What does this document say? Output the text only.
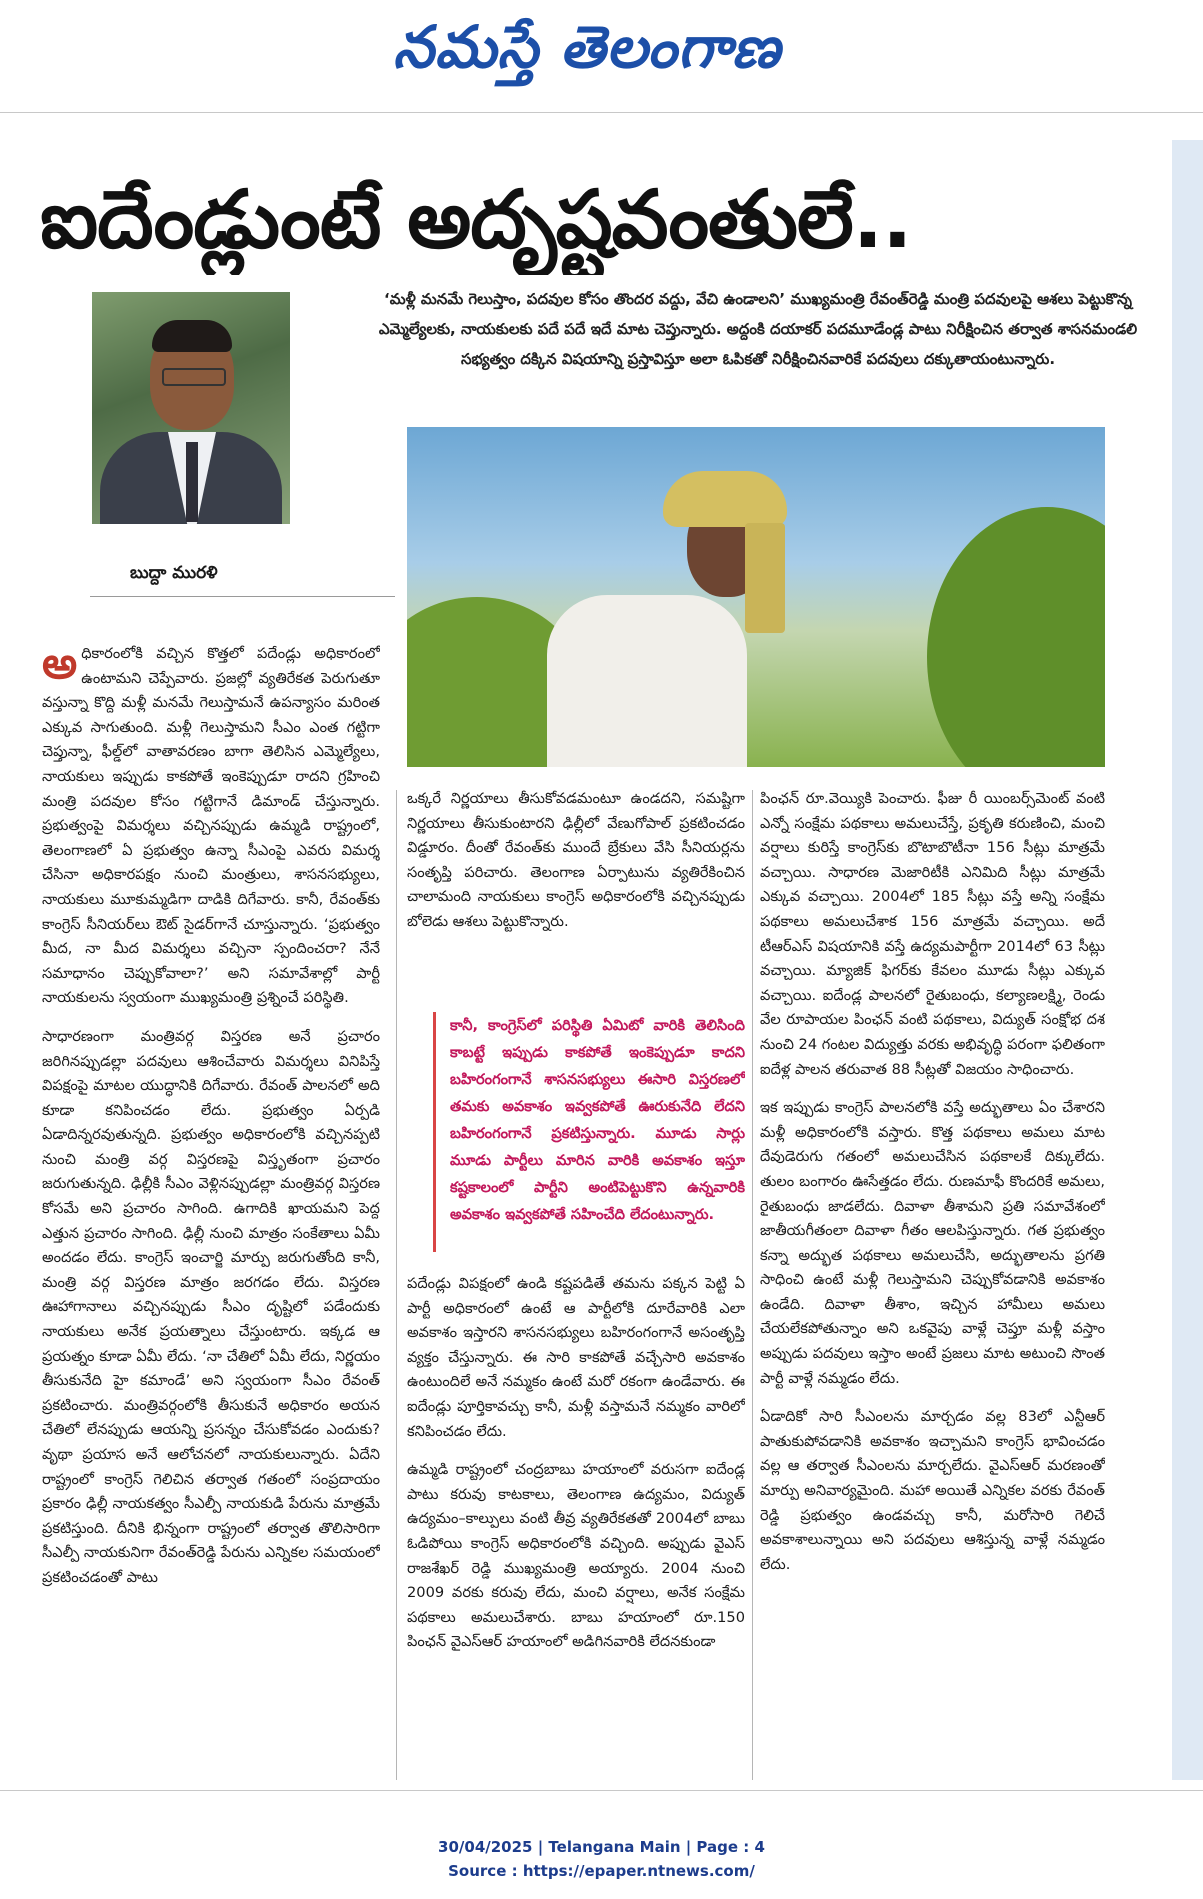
నమస్తే తెలంగాణ
ఐదేండ్లుంటే అదృష్టవంతులే..
బుద్దా మురళి
‘మళ్లీ మనమే గెలుస్తాం, పదవుల కోసం తొందర వద్దు, వేచి ఉండాలని’ ముఖ్యమంత్రి రేవంత్‌రెడ్డి మంత్రి పదవులపై ఆశలు పెట్టుకొన్న ఎమ్మెల్యేలకు, నాయకులకు పదే పదే ఇదే మాట చెప్తున్నారు. అద్దంకి దయాకర్ పదమూడేండ్ల పాటు నిరీక్షించిన తర్వాత శాసనమండలి సభ్యత్వం దక్కిన విషయాన్ని ప్రస్తావిస్తూ అలా ఓపికతో నిరీక్షించినవారికే పదవులు దక్కుతాయంటున్నారు.

అధికారంలోకి వచ్చిన కొత్తలో పదేండ్లు అధికారంలో ఉంటామని చెప్పేవారు. ప్రజల్లో వ్యతిరేకత పెరుగుతూ వస్తున్నా కొద్ది మళ్లీ మనమే గెలుస్తామనే ఉపన్యాసం మరింత ఎక్కువ సాగుతుంది. మళ్లీ గెలుస్తామని సీఎం ఎంత గట్టిగా చెప్తున్నా, ఫీల్డ్‌లో వాతావరణం బాగా తెలిసిన ఎమ్మెల్యేలు, నాయకులు ఇప్పుడు కాకపోతే ఇంకెప్పుడూ రాదని గ్రహించి మంత్రి పదవుల కోసం గట్టిగానే డిమాండ్ చేస్తున్నారు. ప్రభుత్వంపై విమర్శలు వచ్చినప్పుడు ఉమ్మడి రాష్ట్రంలో, తెలంగాణలో ఏ ప్రభుత్వం ఉన్నా సీఎంపై ఎవరు విమర్శ చేసినా అధికారపక్షం నుంచి మంత్రులు, శాసనసభ్యులు, నాయకులు మూకుమ్మడిగా దాడికి దిగేవారు. కానీ, రేవంత్‌కు కాంగ్రెస్ సీనియర్‌లు ఔట్ సైడర్‌గానే చూస్తున్నారు. ‘ప్రభుత్వం మీద, నా మీద విమర్శలు వచ్చినా స్పందించరా? నేనే సమాధానం చెప్పుకోవాలా?’ అని సమావేశాల్లో పార్టీ నాయకులను స్వయంగా ముఖ్యమంత్రి ప్రశ్నించే పరిస్థితి.

సాధారణంగా మంత్రివర్గ విస్తరణ అనే ప్రచారం జరిగినప్పుడల్లా పదవులు ఆశించేవారు విమర్శలు వినిపిస్తే విపక్షంపై మాటల యుద్ధానికి దిగేవారు. రేవంత్ పాలనలో అది కూడా కనిపించడం లేదు. ప్రభుత్వం ఏర్పడి ఏడాదిన్నరవుతున్నది. ప్రభుత్వం అధికారంలోకి వచ్చినప్పటి నుంచి మంత్రి వర్గ విస్తరణపై విస్తృతంగా ప్రచారం జరుగుతున్నది. ఢిల్లీకి సీఎం వెళ్లినప్పుడల్లా మంత్రివర్గ విస్తరణ కోసమే అని ప్రచారం సాగింది. ఉగాదికి ఖాయమని పెద్ద ఎత్తున ప్రచారం సాగింది. ఢిల్లీ నుంచి మాత్రం సంకేతాలు ఏమీ అందడం లేదు. కాంగ్రెస్ ఇంచార్జి మార్పు జరుగుతోంది కానీ, మంత్రి వర్గ విస్తరణ మాత్రం జరగడం లేదు. విస్తరణ ఊహాగానాలు వచ్చినప్పుడు సీఎం దృష్టిలో పడేందుకు నాయకులు అనేక ప్రయత్నాలు చేస్తుంటారు. ఇక్కడ ఆ ప్రయత్నం కూడా ఏమీ లేదు. ‘నా చేతిలో ఏమీ లేదు, నిర్ణయం తీసుకునేది హై కమాండే’ అని స్వయంగా సీఎం రేవంత్ ప్రకటించారు. మంత్రివర్గంలోకి తీసుకునే అధికారం అయన చేతిలో లేనప్పుడు ఆయన్ని ప్రసన్నం చేసుకోవడం ఎందుకు? వృథా ప్రయాస అనే ఆలోచనలో నాయకులున్నారు. ఏదేని రాష్ట్రంలో కాంగ్రెస్ గెలిచిన తర్వాత గతంలో సంప్రదాయం ప్రకారం ఢిల్లీ నాయకత్వం సీఎల్పీ నాయకుడి పేరును మాత్రమే ప్రకటిస్తుంది. దీనికి భిన్నంగా రాష్ట్రంలో తర్వాత తొలిసారిగా సీఎల్పీ నాయకునిగా రేవంత్‌రెడ్డి పేరును ఎన్నికల సమయంలో ప్రకటించడంతో పాటు

ఒక్కరే నిర్ణయాలు తీసుకోవడమంటూ ఉండదని, సమష్టిగా నిర్ణయాలు తీసుకుంటారని ఢిల్లీలో వేణుగోపాల్ ప్రకటించడం విడ్డూరం. దీంతో రేవంత్‌కు ముందే బ్రేకులు వేసి సీనియర్లను సంతృప్తి పరిచారు. తెలంగాణ ఏర్పాటును వ్యతిరేకించిన చాలామంది నాయకులు కాంగ్రెస్ అధికారంలోకి వచ్చినప్పుడు బోలెడు ఆశలు పెట్టుకొన్నారు.

కానీ, కాంగ్రెస్‌లో పరిస్థితి ఏమిటో వారికి తెలిసింది కాబట్టే ఇప్పుడు కాకపోతే ఇంకెప్పుడూ కాదని బహిరంగంగానే శాసనసభ్యులు ఈసారి విస్తరణలో తమకు అవకాశం ఇవ్వకపోతే ఊరుకునేది లేదని బహిరంగంగానే ప్రకటిస్తున్నారు. మూడు సార్లు మూడు పార్టీలు మారిన వారికి అవకాశం ఇస్తూ కష్టకాలంలో పార్టీని అంటిపెట్టుకొని ఉన్నవారికి అవకాశం ఇవ్వకపోతే సహించేది లేదంటున్నారు.

పదేండ్లు విపక్షంలో ఉండి కష్టపడితే తమను పక్కన పెట్టి ఏ పార్టీ అధికారంలో ఉంటే ఆ పార్టీలోకి దూరేవారికి ఎలా అవకాశం ఇస్తారని శాసనసభ్యులు బహిరంగంగానే అసంతృప్తి వ్యక్తం చేస్తున్నారు. ఈ సారి కాకపోతే వచ్చేసారి అవకాశం ఉంటుందిలే అనే నమ్మకం ఉంటే మరో రకంగా ఉండేవారు. ఈ ఐదేండ్లు పూర్తికావచ్చు కానీ, మళ్లీ వస్తామనే నమ్మకం వారిలో కనిపించడం లేదు.

ఉమ్మడి రాష్ట్రంలో చంద్రబాబు హయాంలో వరుసగా ఐదేండ్ల పాటు కరువు కాటకాలు, తెలంగాణ ఉద్యమం, విద్యుత్ ఉద్యమం–కాల్పులు వంటి తీవ్ర వ్యతిరేకతతో 2004లో బాబు ఓడిపోయి కాంగ్రెస్ అధికారంలోకి వచ్చింది. అప్పుడు వైఎస్ రాజశేఖర్ రెడ్డి ముఖ్యమంత్రి అయ్యారు. 2004 నుంచి 2009 వరకు కరువు లేదు, మంచి వర్షాలు, అనేక సంక్షేమ పథకాలు అమలుచేశారు. బాబు హయాంలో రూ.150 పింఛన్ వైఎస్ఆర్ హయాంలో అడిగినవారికి లేదనకుండా

పింఛన్ రూ.వెయ్యికి పెంచారు. ఫీజు రీ యింబర్స్‌మెంట్ వంటి ఎన్నో సంక్షేమ పథకాలు అమలుచేస్తే, ప్రకృతి కరుణించి, మంచి వర్షాలు కురిస్తే కాంగ్రెస్‌కు బొటాబొటీనా 156 సీట్లు మాత్రమే వచ్చాయి. సాధారణ మెజారిటీకి ఎనిమిది సీట్లు మాత్రమే ఎక్కువ వచ్చాయి. 2004లో 185 సీట్లు వస్తే అన్ని సంక్షేమ పథకాలు అమలుచేశాక 156 మాత్రమే వచ్చాయి. అదే టీఆర్ఎస్ విషయానికి వస్తే ఉద్యమపార్టీగా 2014లో 63 సీట్లు వచ్చాయి. మ్యాజిక్ ఫిగర్‌కు కేవలం మూడు సీట్లు ఎక్కువ వచ్చాయి. ఐదేండ్ల పాలనలో రైతుబంధు, కల్యాణలక్ష్మి, రెండు వేల రూపాయల పింఛన్ వంటి పథకాలు, విద్యుత్ సంక్షోభ దశ నుంచి 24 గంటల విద్యుత్తు వరకు అభివృద్ధి పరంగా ఫలితంగా ఐదేళ్ల పాలన తరువాత 88 సీట్లతో విజయం సాధించారు.

ఇక ఇప్పుడు కాంగ్రెస్ పాలనలోకి వస్తే అద్భుతాలు ఏం చేశారని మళ్లీ అధికారంలోకి వస్తారు. కొత్త పథకాలు అమలు మాట దేవుడెరుగు గతంలో అమలుచేసిన పథకాలకే దిక్కులేదు. తులం బంగారం ఊసేత్తడం లేదు. రుణమాఫీ కొందరికే అమలు, రైతుబంధు జాడలేదు. దివాళా తీశామని ప్రతి సమావేశంలో జాతీయగీతంలా దివాళా గీతం ఆలపిస్తున్నారు. గత ప్రభుత్వం కన్నా అద్భుత పథకాలు అమలుచేసి, అద్భుతాలను ప్రగతి సాధించి ఉంటే మళ్లీ గెలుస్తామని చెప్పుకోవడానికి అవకాశం ఉండేది. దివాళా తీశాం, ఇచ్చిన హామీలు అమలు చేయలేకపోతున్నాం అని ఒకవైపు వాళ్లే చెప్తూ మళ్లీ వస్తాం అప్పుడు పదవులు ఇస్తాం అంటే ప్రజలు మాట అటుంచి సొంత పార్టీ వాళ్లే నమ్మడం లేదు.

ఏడాదికో సారి సీఎంలను మార్చడం వల్ల 83లో ఎన్టీఆర్ పాతుకుపోవడానికి అవకాశం ఇచ్చామని కాంగ్రెస్ భావించడం వల్ల ఆ తర్వాత సీఎంలను మార్చలేదు. వైఎస్ఆర్ మరణంతో మార్పు అనివార్యమైంది. మహా అయితే ఎన్నికల వరకు రేవంత్ రెడ్డి ప్రభుత్వం ఉండవచ్చు కానీ, మరోసారి గెలిచే అవకాశాలున్నాయి అని పదవులు ఆశిస్తున్న వాళ్లే నమ్మడం లేదు.

30/04/2025 | Telangana Main | Page : 4
Source : https://epaper.ntnews.com/
